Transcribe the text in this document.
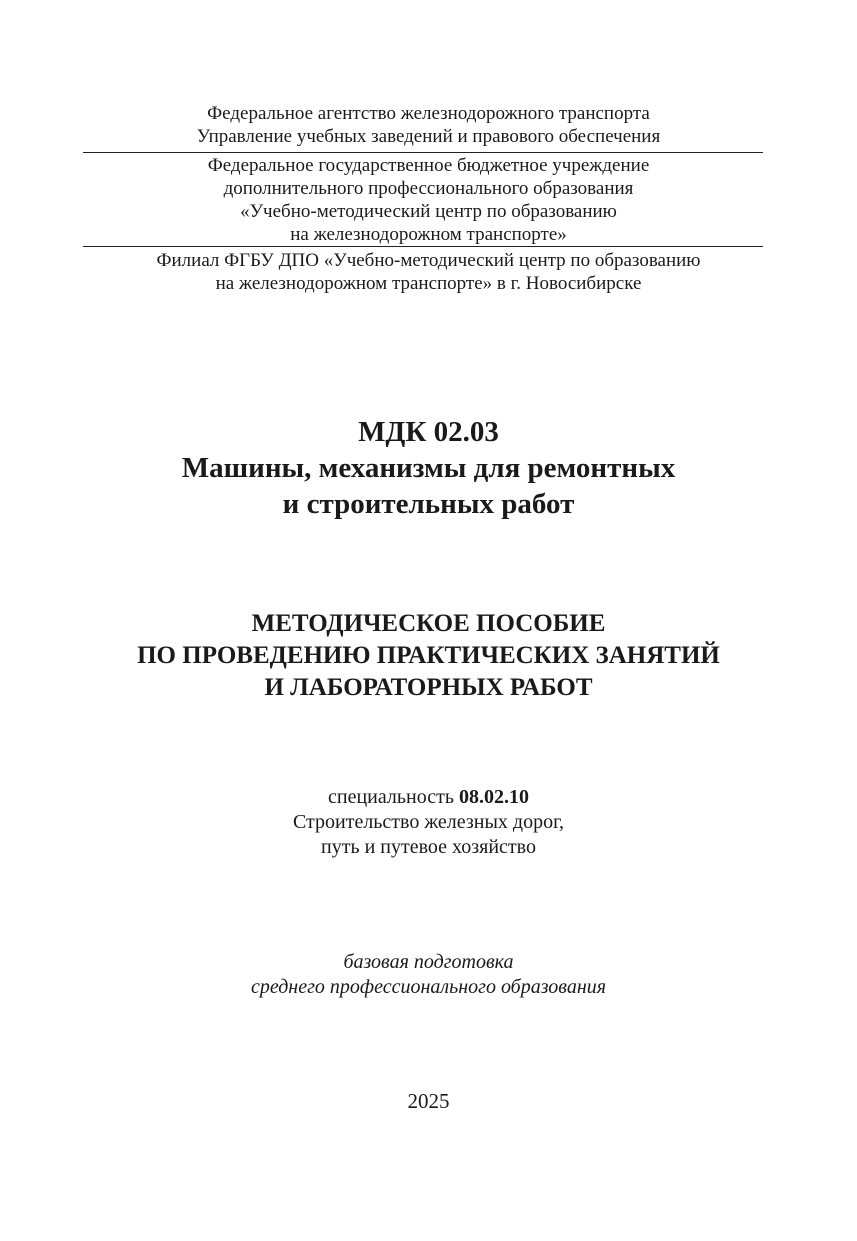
Федеральное агентство железнодорожного транспорта
Управление учебных заведений и правового обеспечения
Федеральное государственное бюджетное учреждение
дополнительного профессионального образования
«Учебно-методический центр по образованию
на железнодорожном транспорте»
Филиал ФГБУ ДПО «Учебно-методический центр по образованию
на железнодорожном транспорте» в г. Новосибирске
МДК 02.03
Машины, механизмы для ремонтных
и строительных работ
МЕТОДИЧЕСКОЕ ПОСОБИЕ
ПО ПРОВЕДЕНИЮ ПРАКТИЧЕСКИХ ЗАНЯТИЙ
И ЛАБОРАТОРНЫХ РАБОТ
специальность 08.02.10
Строительство железных дорог,
путь и путевое хозяйство
базовая подготовка
среднего профессионального образования
2025
